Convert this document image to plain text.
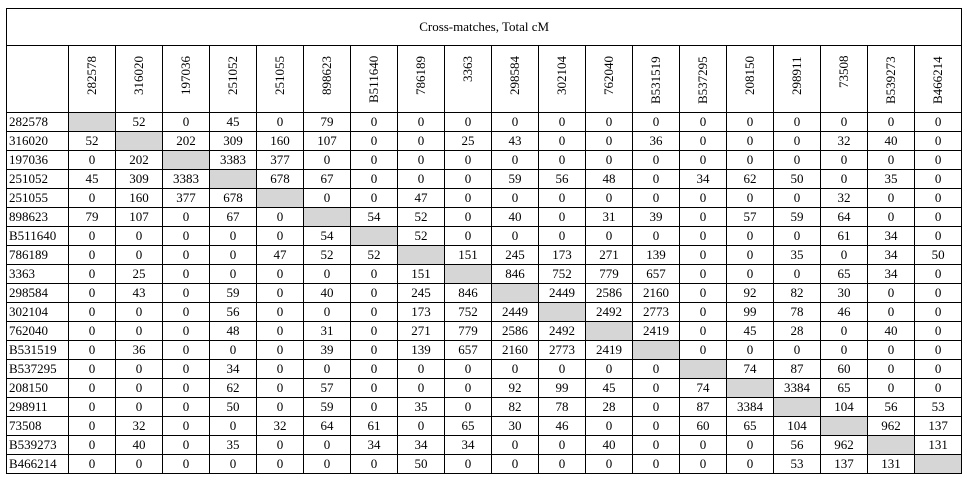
Cross-matches, Total cM																			

	282578	316020	197036	251052	251055	898623	B511640	786189	3363	298584	302104	762040	B531519	B537295	208150	298911	73508	B539273	B466214

282578		52	0	45	0	79	0	0	0	0	0	0	0	0	0	0	0	0	0
316020	52		202	309	160	107	0	0	25	43	0	0	36	0	0	0	32	40	0
197036	0	202		3383	377	0	0	0	0	0	0	0	0	0	0	0	0	0	0
251052	45	309	3383		678	67	0	0	0	59	56	48	0	34	62	50	0	35	0
251055	0	160	377	678		0	0	47	0	0	0	0	0	0	0	0	32	0	0
898623	79	107	0	67	0		54	52	0	40	0	31	39	0	57	59	64	0	0
B511640	0	0	0	0	0	54		52	0	0	0	0	0	0	0	0	61	34	0
786189	0	0	0	0	47	52	52		151	245	173	271	139	0	0	35	0	34	50
3363	0	25	0	0	0	0	0	151		846	752	779	657	0	0	0	65	34	0
298584	0	43	0	59	0	40	0	245	846		2449	2586	2160	0	92	82	30	0	0
302104	0	0	0	56	0	0	0	173	752	2449		2492	2773	0	99	78	46	0	0
762040	0	0	0	48	0	31	0	271	779	2586	2492		2419	0	45	28	0	40	0
B531519	0	36	0	0	0	39	0	139	657	2160	2773	2419		0	0	0	0	0	0
B537295	0	0	0	34	0	0	0	0	0	0	0	0	0		74	87	60	0	0
208150	0	0	0	62	0	57	0	0	0	92	99	45	0	74		3384	65	0	0
298911	0	0	0	50	0	59	0	35	0	82	78	28	0	87	3384		104	56	53
73508	0	32	0	0	32	64	61	0	65	30	46	0	0	60	65	104		962	137
B539273	0	40	0	35	0	0	34	34	34	0	0	40	0	0	0	56	962		131
B466214	0	0	0	0	0	0	0	50	0	0	0	0	0	0	0	53	137	131	
